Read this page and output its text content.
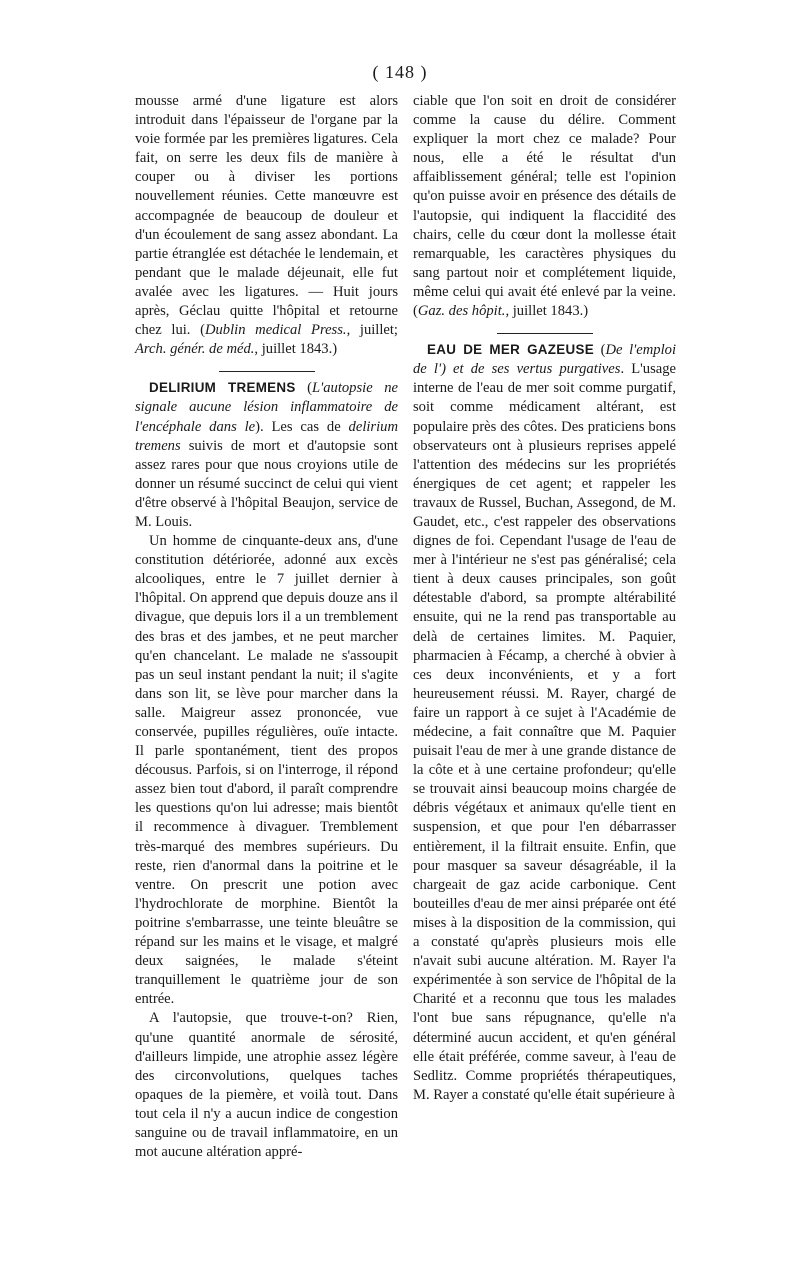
( 148 )

mousse armé d'une ligature est alors introduit dans l'épaisseur de l'organe par la voie formée par les premières ligatures. Cela fait, on serre les deux fils de manière à couper ou à diviser les portions nouvellement réunies. Cette manœuvre est accompagnée de beaucoup de douleur et d'un écoulement de sang assez abondant. La partie étranglée est détachée le lendemain, et pendant que le malade déjeunait, elle fut avalée avec les ligatures. — Huit jours après, Géclau quitte l'hôpital et retourne chez lui. (Dublin medical Press., juillet; Arch. génér. de méd., juillet 1843.)

DELIRIUM TREMENS (L'autopsie ne signale aucune lésion inflammatoire de l'encéphale dans le). Les cas de delirium tremens suivis de mort et d'autopsie sont assez rares pour que nous croyions utile de donner un résumé succinct de celui qui vient d'être observé à l'hôpital Beaujon, service de M. Louis.

Un homme de cinquante-deux ans, d'une constitution détériorée, adonné aux excès alcooliques, entre le 7 juillet dernier à l'hôpital. On apprend que depuis douze ans il divague, que depuis lors il a un tremblement des bras et des jambes, et ne peut marcher qu'en chancelant. Le malade ne s'assoupit pas un seul instant pendant la nuit; il s'agite dans son lit, se lève pour marcher dans la salle. Maigreur assez prononcée, vue conservée, pupilles régulières, ouïe intacte. Il parle spontanément, tient des propos décousus. Parfois, si on l'interroge, il répond assez bien tout d'abord, il paraît comprendre les questions qu'on lui adresse; mais bientôt il recommence à divaguer. Tremblement très-marqué des membres supérieurs. Du reste, rien d'anormal dans la poitrine et le ventre. On prescrit une potion avec l'hydrochlorate de morphine. Bientôt la poitrine s'embarrasse, une teinte bleuâtre se répand sur les mains et le visage, et malgré deux saignées, le malade s'éteint tranquillement le quatrième jour de son entrée.

A l'autopsie, que trouve-t-on? Rien, qu'une quantité anormale de sérosité, d'ailleurs limpide, une atrophie assez légère des circonvolutions, quelques taches opaques de la piemère, et voilà tout. Dans tout cela il n'y a aucun indice de congestion sanguine ou de travail inflammatoire, en un mot aucune altération appré-

ciable que l'on soit en droit de considérer comme la cause du délire. Comment expliquer la mort chez ce malade? Pour nous, elle a été le résultat d'un affaiblissement général; telle est l'opinion qu'on puisse avoir en présence des détails de l'autopsie, qui indiquent la flaccidité des chairs, celle du cœur dont la mollesse était remarquable, les caractères physiques du sang partout noir et complétement liquide, même celui qui avait été enlevé par la veine. (Gaz. des hôpit., juillet 1843.)

EAU DE MER GAZEUSE (De l'emploi de l') et de ses vertus purgatives. L'usage interne de l'eau de mer soit comme purgatif, soit comme médicament altérant, est populaire près des côtes. Des praticiens bons observateurs ont à plusieurs reprises appelé l'attention des médecins sur les propriétés énergiques de cet agent; et rappeler les travaux de Russel, Buchan, Assegond, de M. Gaudet, etc., c'est rappeler des observations dignes de foi. Cependant l'usage de l'eau de mer à l'intérieur ne s'est pas généralisé; cela tient à deux causes principales, son goût détestable d'abord, sa prompte altérabilité ensuite, qui ne la rend pas transportable au delà de certaines limites. M. Paquier, pharmacien à Fécamp, a cherché à obvier à ces deux inconvénients, et y a fort heureusement réussi. M. Rayer, chargé de faire un rapport à ce sujet à l'Académie de médecine, a fait connaître que M. Paquier puisait l'eau de mer à une grande distance de la côte et à une certaine profondeur; qu'elle se trouvait ainsi beaucoup moins chargée de débris végétaux et animaux qu'elle tient en suspension, et que pour l'en débarrasser entièrement, il la filtrait ensuite. Enfin, que pour masquer sa saveur désagréable, il la chargeait de gaz acide carbonique. Cent bouteilles d'eau de mer ainsi préparée ont été mises à la disposition de la commission, qui a constaté qu'après plusieurs mois elle n'avait subi aucune altération. M. Rayer l'a expérimentée à son service de l'hôpital de la Charité et a reconnu que tous les malades l'ont bue sans répugnance, qu'elle n'a déterminé aucun accident, et qu'en général elle était préférée, comme saveur, à l'eau de Sedlitz. Comme propriétés thérapeutiques, M. Rayer a constaté qu'elle était supérieure à
